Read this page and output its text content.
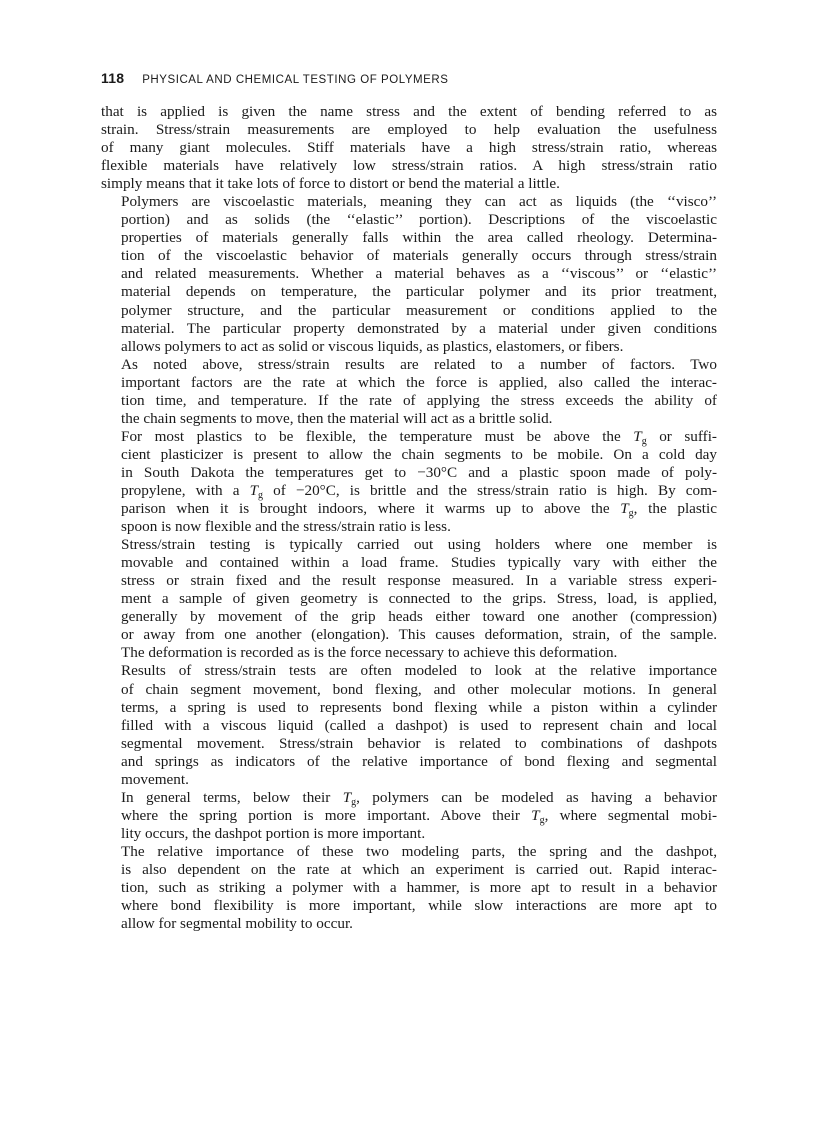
118 PHYSICAL AND CHEMICAL TESTING OF POLYMERS
that is applied is given the name stress and the extent of bending referred to as
strain. Stress/strain measurements are employed to help evaluation the usefulness
of many giant molecules. Stiff materials have a high stress/strain ratio, whereas
flexible materials have relatively low stress/strain ratios. A high stress/strain ratio
simply means that it take lots of force to distort or bend the material a little.
Polymers are viscoelastic materials, meaning they can act as liquids (the ‘‘visco’’
portion) and as solids (the ‘‘elastic’’ portion). Descriptions of the viscoelastic
properties of materials generally falls within the area called rheology. Determina-
tion of the viscoelastic behavior of materials generally occurs through stress/strain
and related measurements. Whether a material behaves as a ‘‘viscous’’ or ‘‘elastic’’
material depends on temperature, the particular polymer and its prior treatment,
polymer structure, and the particular measurement or conditions applied to the
material. The particular property demonstrated by a material under given conditions
allows polymers to act as solid or viscous liquids, as plastics, elastomers, or fibers.
As noted above, stress/strain results are related to a number of factors. Two
important factors are the rate at which the force is applied, also called the interac-
tion time, and temperature. If the rate of applying the stress exceeds the ability of
the chain segments to move, then the material will act as a brittle solid.
For most plastics to be flexible, the temperature must be above the $T_g$ or suffi-
cient plasticizer is present to allow the chain segments to be mobile. On a cold day
in South Dakota the temperatures get to −30°C and a plastic spoon made of poly-
propylene, with a $T_g$ of −20°C, is brittle and the stress/strain ratio is high. By com-
parison when it is brought indoors, where it warms up to above the $T_g$, the plastic
spoon is now flexible and the stress/strain ratio is less.
Stress/strain testing is typically carried out using holders where one member is
movable and contained within a load frame. Studies typically vary with either the
stress or strain fixed and the result response measured. In a variable stress experi-
ment a sample of given geometry is connected to the grips. Stress, load, is applied,
generally by movement of the grip heads either toward one another (compression)
or away from one another (elongation). This causes deformation, strain, of the sample.
The deformation is recorded as is the force necessary to achieve this deformation.
Results of stress/strain tests are often modeled to look at the relative importance
of chain segment movement, bond flexing, and other molecular motions. In general
terms, a spring is used to represents bond flexing while a piston within a cylinder
filled with a viscous liquid (called a dashpot) is used to represent chain and local
segmental movement. Stress/strain behavior is related to combinations of dashpots
and springs as indicators of the relative importance of bond flexing and segmental
movement.
In general terms, below their $T_g$, polymers can be modeled as having a behavior
where the spring portion is more important. Above their $T_g$, where segmental mobi-
lity occurs, the dashpot portion is more important.
The relative importance of these two modeling parts, the spring and the dashpot,
is also dependent on the rate at which an experiment is carried out. Rapid interac-
tion, such as striking a polymer with a hammer, is more apt to result in a behavior
where bond flexibility is more important, while slow interactions are more apt to
allow for segmental mobility to occur.
